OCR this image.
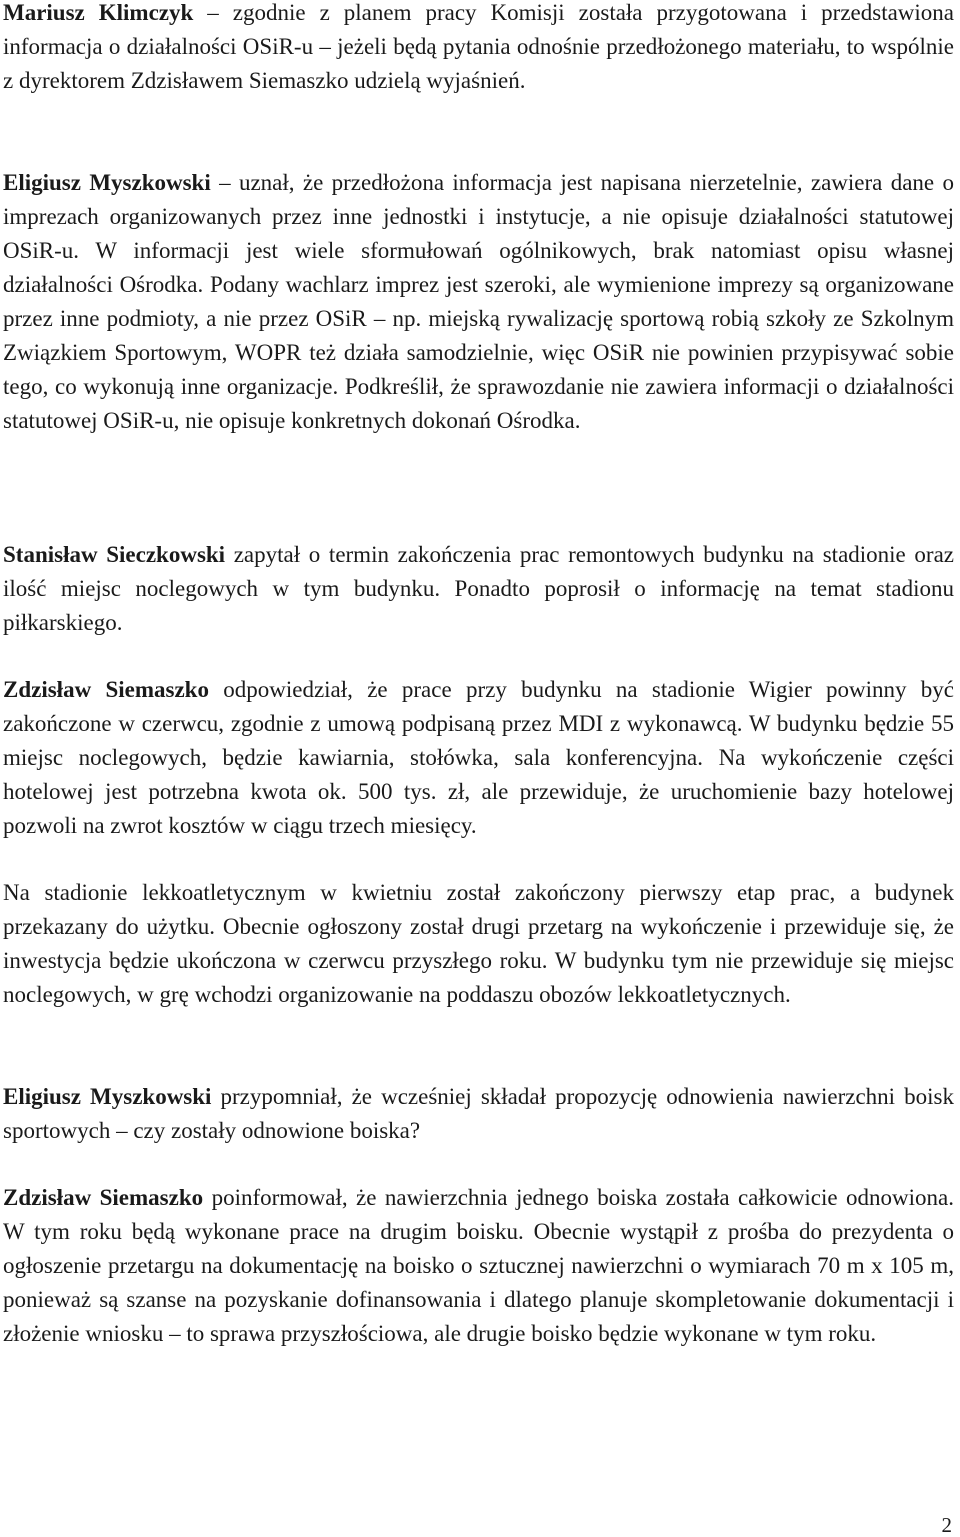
Mariusz Klimczyk – zgodnie z planem pracy Komisji została przygotowana i przedstawiona informacja o działalności OSiR-u – jeżeli będą pytania odnośnie przedłożonego materiału, to wspólnie z dyrektorem Zdzisławem Siemaszko udzielą wyjaśnień.

Eligiusz Myszkowski – uznał, że przedłożona informacja jest napisana nierzetelnie, zawiera dane o imprezach organizowanych przez inne jednostki i instytucje, a nie opisuje działalności statutowej OSiR-u. W informacji jest wiele sformułowań ogólnikowych, brak natomiast opisu własnej działalności Ośrodka. Podany wachlarz imprez jest szeroki, ale wymienione imprezy są organizowane przez inne podmioty, a nie przez OSiR – np. miejską rywalizację sportową robią szkoły ze Szkolnym Związkiem Sportowym, WOPR też działa samodzielnie, więc OSiR nie powinien przypisywać sobie tego, co wykonują inne organizacje. Podkreślił, że sprawozdanie nie zawiera informacji o działalności statutowej OSiR-u, nie opisuje konkretnych dokonań Ośrodka.

Stanisław Sieczkowski zapytał o termin zakończenia prac remontowych budynku na stadionie oraz ilość miejsc noclegowych w tym budynku. Ponadto poprosił o informację na temat stadionu piłkarskiego.

Zdzisław Siemaszko odpowiedział, że prace przy budynku na stadionie Wigier powinny być zakończone w czerwcu, zgodnie z umową podpisaną przez MDI z wykonawcą. W budynku będzie 55 miejsc noclegowych, będzie kawiarnia, stołówka, sala konferencyjna. Na wykończenie części hotelowej jest potrzebna kwota ok. 500 tys. zł, ale przewiduje, że uruchomienie bazy hotelowej pozwoli na zwrot kosztów w ciągu trzech miesięcy.

Na stadionie lekkoatletycznym w kwietniu został zakończony pierwszy etap prac, a budynek przekazany do użytku. Obecnie ogłoszony został drugi przetarg na wykończenie i przewiduje się, że inwestycja będzie ukończona w czerwcu przyszłego roku. W budynku tym nie przewiduje się miejsc noclegowych, w grę wchodzi organizowanie na poddaszu obozów lekkoatletycznych.

Eligiusz Myszkowski przypomniał, że wcześniej składał propozycję odnowienia nawierzchni boisk sportowych – czy zostały odnowione boiska?

Zdzisław Siemaszko poinformował, że nawierzchnia jednego boiska została całkowicie odnowiona. W tym roku będą wykonane prace na drugim boisku. Obecnie wystąpił z prośba do prezydenta o ogłoszenie przetargu na dokumentację na boisko o sztucznej nawierzchni o wymiarach 70 m x 105 m, ponieważ są szanse na pozyskanie dofinansowania i dlatego planuje skompletowanie dokumentacji i złożenie wniosku – to sprawa przyszłościowa, ale drugie boisko będzie wykonane w tym roku.

2
